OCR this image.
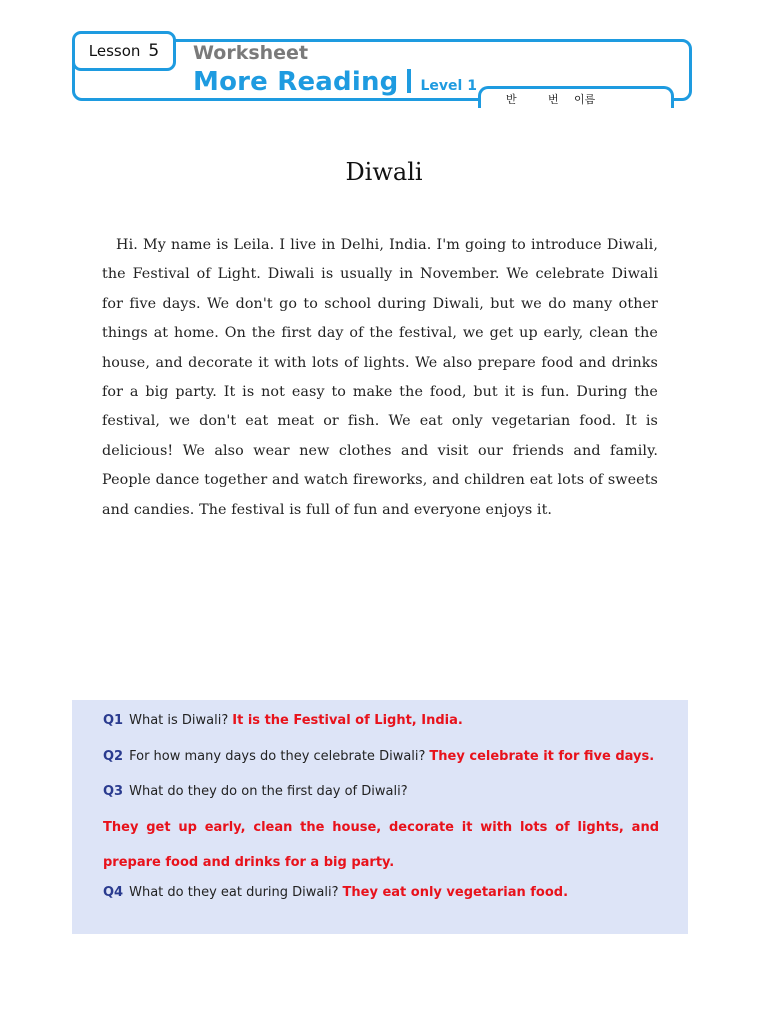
Lesson 5 Worksheet
More Reading Level 1
반	번 이름
Diwali
Hi. My name is Leila. I live in Delhi, India. I'm going to introduce Diwali, the Festival of Light. Diwali is usually in November. We celebrate Diwali for five days. We don't go to school during Diwali, but we do many other things at home. On the first day of the festival, we get up early, clean the house, and decorate it with lots of lights. We also prepare food and drinks for a big party. It is not easy to make the food, but it is fun. During the festival, we don't eat meat or fish. We eat only vegetarian food. It is delicious! We also wear new clothes and visit our friends and family. People dance together and watch fireworks, and children eat lots of sweets and candies. The festival is full of fun and everyone enjoys it.
Q1 What is Diwali? It is the Festival of Light, India.
Q2 For how many days do they celebrate Diwali? They celebrate it for five days.
Q3 What do they do on the first day of Diwali?
They get up early, clean the house, decorate it with lots of lights, and prepare food and drinks for a big party.
Q4 What do they eat during Diwali? They eat only vegetarian food.
